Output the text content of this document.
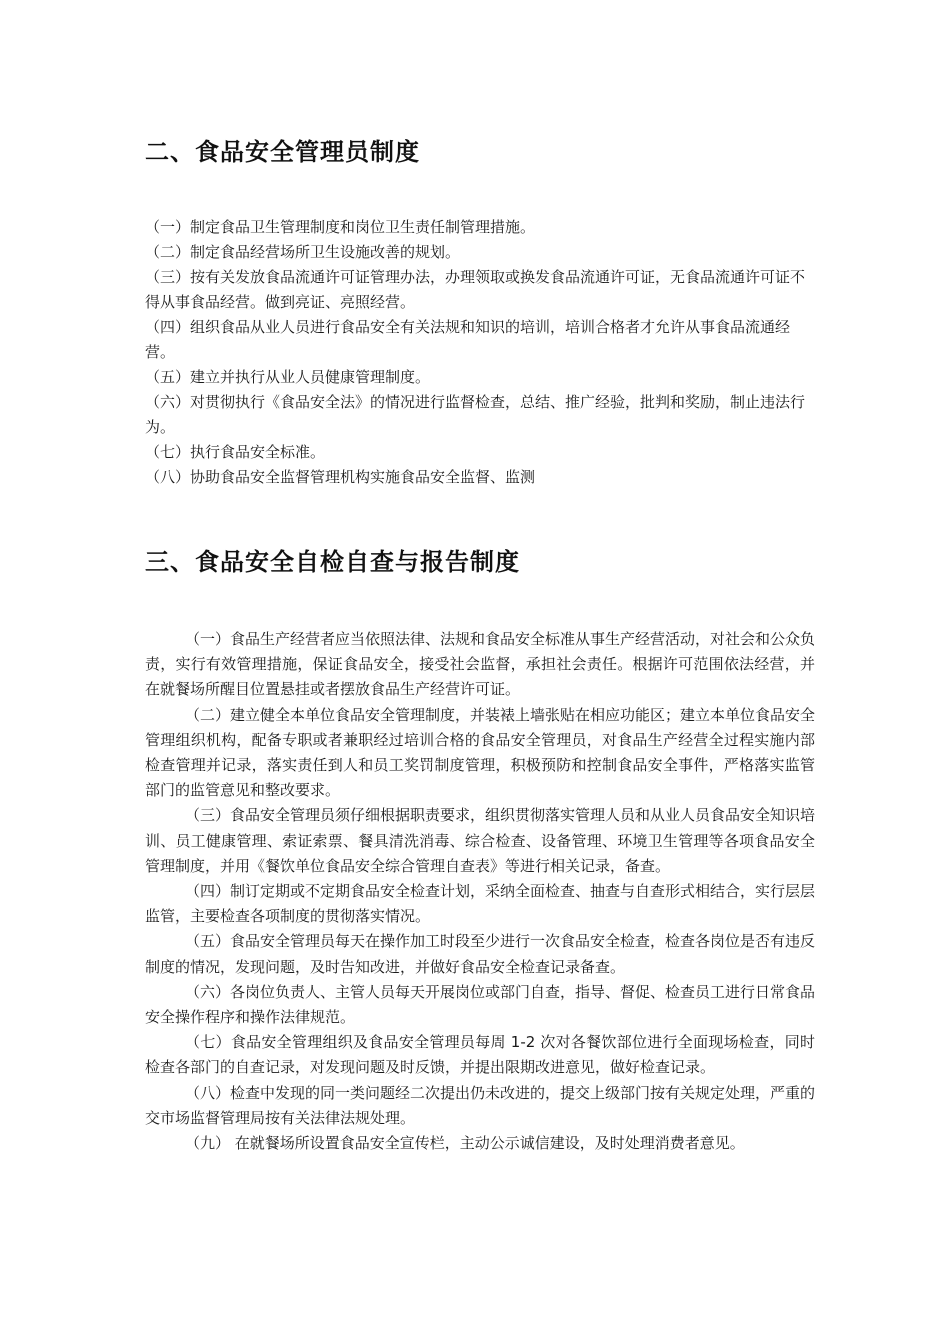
二、食品安全管理员制度
（一）制定食品卫生管理制度和岗位卫生责任制管理措施。
（二）制定食品经营场所卫生设施改善的规划。
（三）按有关发放食品流通许可证管理办法，办理领取或换发食品流通许可证，无食品流通许可证不得从事食品经营。做到亮证、亮照经营。
（四）组织食品从业人员进行食品安全有关法规和知识的培训，培训合格者才允许从事食品流通经营。
（五）建立并执行从业人员健康管理制度。
（六）对贯彻执行《食品安全法》的情况进行监督检查，总结、推广经验，批判和奖励，制止违法行为。
（七）执行食品安全标准。
（八）协助食品安全监督管理机构实施食品安全监督、监测
三、食品安全自检自查与报告制度
（一）食品生产经营者应当依照法律、法规和食品安全标准从事生产经营活动，对社会和公众负责，实行有效管理措施，保证食品安全，接受社会监督，承担社会责任。根据许可范围依法经营，并在就餐场所醒目位置悬挂或者摆放食品生产经营许可证。
（二）建立健全本单位食品安全管理制度，并装裱上墙张贴在相应功能区；建立本单位食品安全管理组织机构，配备专职或者兼职经过培训合格的食品安全管理员，对食品生产经营全过程实施内部检查管理并记录，落实责任到人和员工奖罚制度管理，积极预防和控制食品安全事件，严格落实监管部门的监管意见和整改要求。
（三）食品安全管理员须仔细根据职责要求，组织贯彻落实管理人员和从业人员食品安全知识培训、员工健康管理、索证索票、餐具清洗消毒、综合检查、设备管理、环境卫生管理等各项食品安全管理制度，并用《餐饮单位食品安全综合管理自查表》等进行相关记录，备查。
（四）制订定期或不定期食品安全检查计划，采纳全面检查、抽查与自查形式相结合，实行层层监管，主要检查各项制度的贯彻落实情况。
（五）食品安全管理员每天在操作加工时段至少进行一次食品安全检查，检查各岗位是否有违反制度的情况，发现问题，及时告知改进，并做好食品安全检查记录备查。
（六）各岗位负责人、主管人员每天开展岗位或部门自查，指导、督促、检查员工进行日常食品安全操作程序和操作法律规范。
（七）食品安全管理组织及食品安全管理员每周 1-2 次对各餐饮部位进行全面现场检查，同时检查各部门的自查记录，对发现问题及时反馈，并提出限期改进意见，做好检查记录。
（八）检查中发现的同一类问题经二次提出仍未改进的，提交上级部门按有关规定处理，严重的交市场监督管理局按有关法律法规处理。
（九） 在就餐场所设置食品安全宣传栏，主动公示诚信建设，及时处理消费者意见。
